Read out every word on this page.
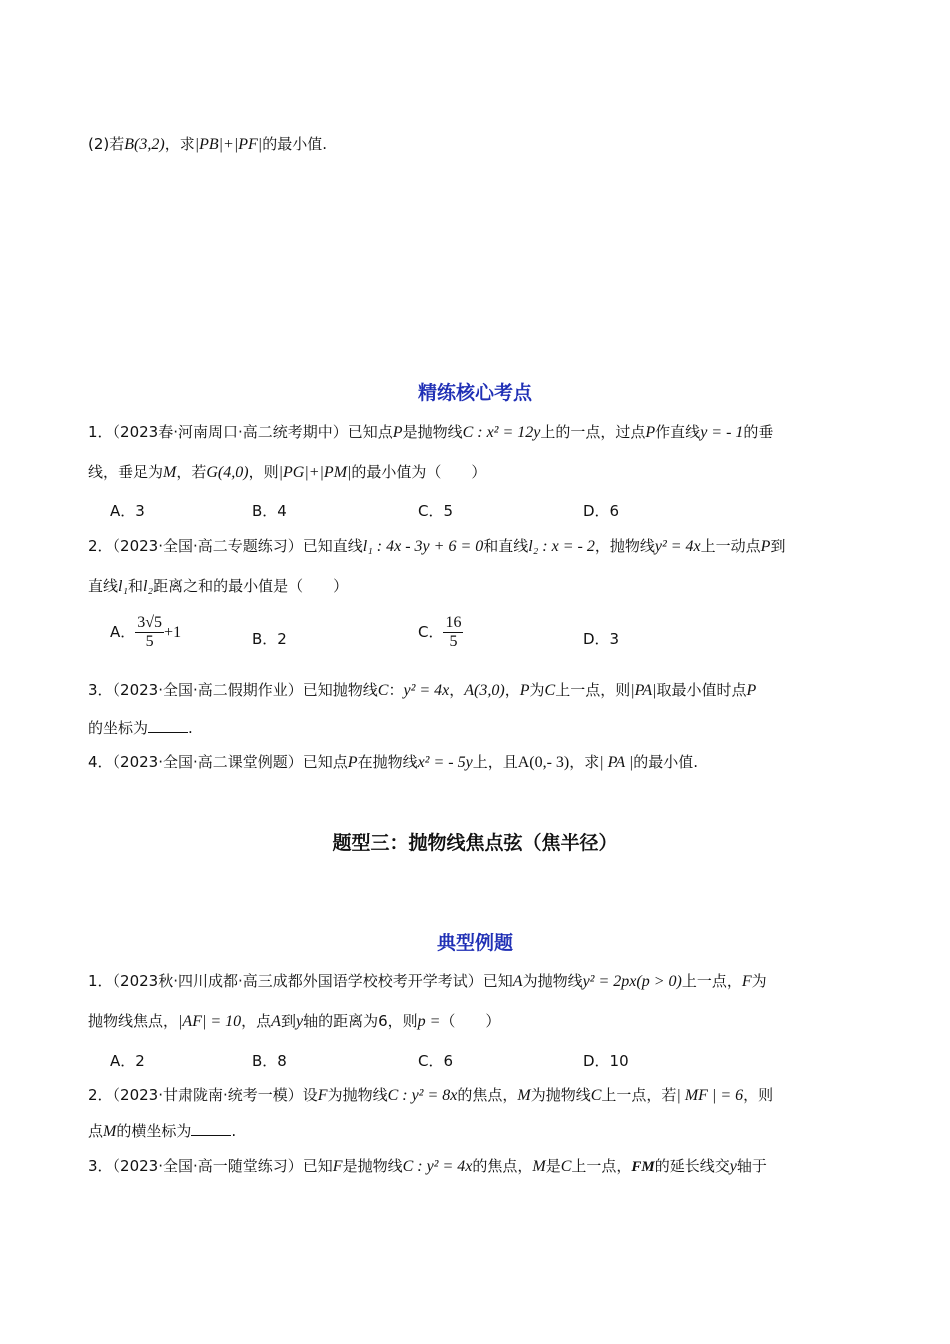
(2)若B(3,2)，求|PB|+|PF|的最小值.
精练核心考点
1．（2023春·河南周口·高二统考期中）已知点P是抛物线C : x² = 12y上的一点，过点P作直线y = - 1的垂
线，垂足为M，若G(4,0)，则|PG|+|PM|的最小值为（　　）
A．3	B．4	C．5	D．6
2．（2023·全国·高二专题练习）已知直线l₁ : 4x - 3y + 6 = 0和直线l₂ : x = - 2，抛物线y² = 4x上一动点P到
直线l₁和l₂距离之和的最小值是（　　）
A． $\frac{3√5}{5} +1$	B．2	C． $\frac{16}{5}$	D．3
3．（2023·全国·高二假期作业）已知抛物线C：y² = 4x，A(3,0)，P为C上一点，则|PA|取最小值时点P
的坐标为	.
4．（2023·全国·高二课堂例题）已知点P在抛物线x² = - 5y上，且A(0,- 3)，求| PA |的最小值.
题型三：抛物线焦点弦（焦半径）
典型例题
1．（2023秋·四川成都·高三成都外国语学校校考开学考试）已知A为抛物线y² = 2px(p > 0)上一点，F为
抛物线焦点，|AF| = 10，点A到y轴的距离为6，则p =（　　）
A．2	B．8	C．6	D．10
2．（2023·甘肃陇南·统考一模）设F为抛物线C : y² = 8x的焦点，M为抛物线C上一点，若| MF | = 6，则
点M的横坐标为	.
3．（2023·全国·高一随堂练习）已知F是抛物线C : y² = 4x的焦点，M是C上一点，FM的延长线交y轴于
